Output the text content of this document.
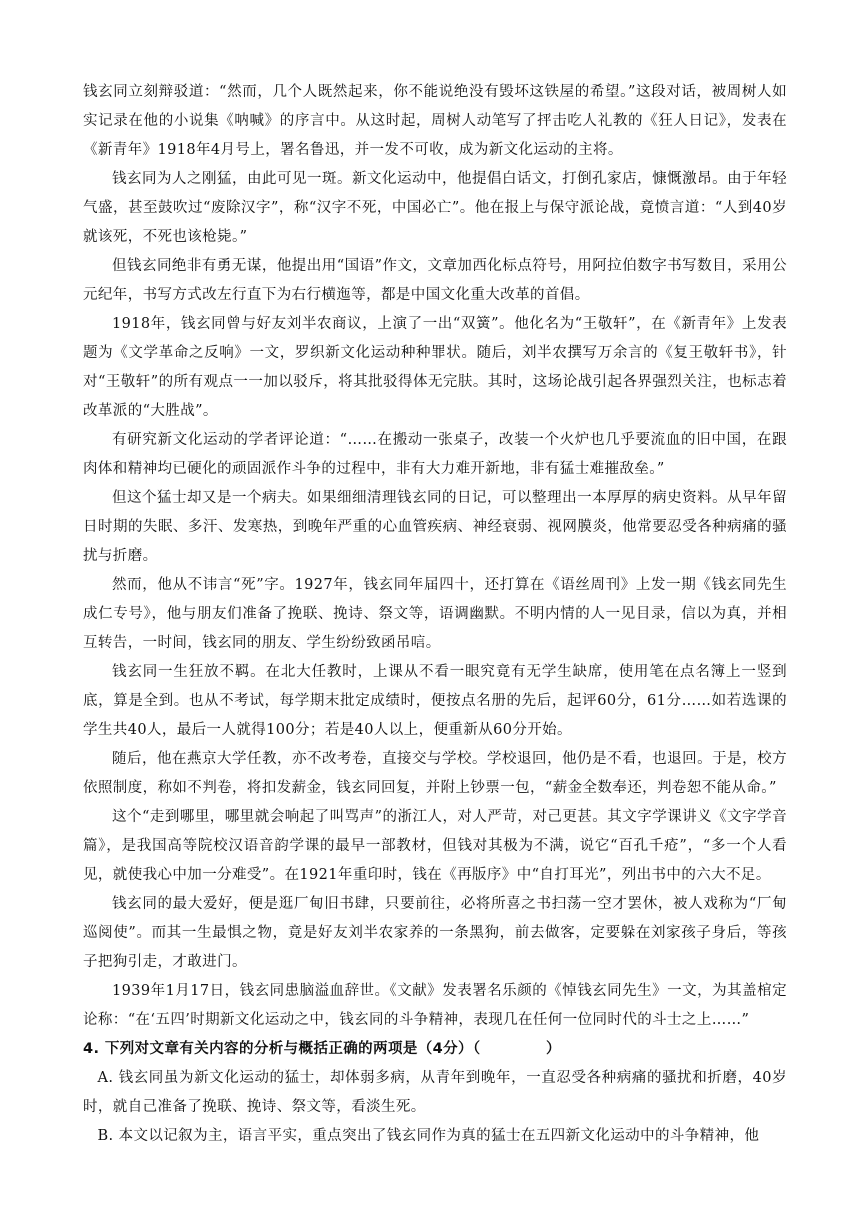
钱玄同立刻辩驳道：“然而，几个人既然起来，你不能说绝没有毁坏这铁屋的希望。”这段对话，被周树人如实记录在他的小说集《呐喊》的序言中。从这时起，周树人动笔写了抨击吃人礼教的《狂人日记》，发表在《新青年》1918年4月号上，署名鲁迅，并一发不可收，成为新文化运动的主将。

钱玄同为人之刚猛，由此可见一斑。新文化运动中，他提倡白话文，打倒孔家店，慷慨激昂。由于年轻气盛，甚至鼓吹过“废除汉字”，称“汉字不死，中国必亡”。他在报上与保守派论战，竟愤言道：“人到40岁就该死，不死也该枪毙。”

但钱玄同绝非有勇无谋，他提出用“国语”作文，文章加西化标点符号，用阿拉伯数字书写数目，采用公元纪年，书写方式改左行直下为右行横迤等，都是中国文化重大改革的首倡。

1918年，钱玄同曾与好友刘半农商议，上演了一出“双簧”。他化名为“王敬轩”，在《新青年》上发表题为《文学革命之反响》一文，罗织新文化运动种种罪状。随后，刘半农撰写万余言的《复王敬轩书》，针对“王敬轩”的所有观点一一加以驳斥，将其批驳得体无完肤。其时，这场论战引起各界强烈关注，也标志着改革派的“大胜战”。

有研究新文化运动的学者评论道：“……在搬动一张桌子，改装一个火炉也几乎要流血的旧中国，在跟肉体和精神均已硬化的顽固派作斗争的过程中，非有大力难开新地，非有猛士难摧敌垒。”

但这个猛士却又是一个病夫。如果细细清理钱玄同的日记，可以整理出一本厚厚的病史资料。从早年留日时期的失眠、多汗、发寒热，到晚年严重的心血管疾病、神经衰弱、视网膜炎，他常要忍受各种病痛的骚扰与折磨。

然而，他从不讳言“死”字。1927年，钱玄同年届四十，还打算在《语丝周刊》上发一期《钱玄同先生成仁专号》，他与朋友们准备了挽联、挽诗、祭文等，语调幽默。不明内情的人一见目录，信以为真，并相互转告，一时间，钱玄同的朋友、学生纷纷致函吊唁。

钱玄同一生狂放不羁。在北大任教时，上课从不看一眼究竟有无学生缺席，使用笔在点名簿上一竖到底，算是全到。也从不考试，每学期末批定成绩时，便按点名册的先后，起评60分，61分……如若选课的学生共40人，最后一人就得100分；若是40人以上，便重新从60分开始。

随后，他在燕京大学任教，亦不改考卷，直接交与学校。学校退回，他仍是不看，也退回。于是，校方依照制度，称如不判卷，将扣发薪金，钱玄同回复，并附上钞票一包，“薪金全数奉还，判卷恕不能从命。”

这个“走到哪里，哪里就会响起了叫骂声”的浙江人，对人严苛，对己更甚。其文字学课讲义《文字学音篇》，是我国高等院校汉语音韵学课的最早一部教材，但钱对其极为不满，说它“百孔千疮”，“多一个人看见，就使我心中加一分难受”。在1921年重印时，钱在《再版序》中“自打耳光”，列出书中的六大不足。

钱玄同的最大爱好，便是逛厂甸旧书肆，只要前往，必将所喜之书扫荡一空才罢休，被人戏称为“厂甸巡阅使”。而其一生最惧之物，竟是好友刘半农家养的一条黑狗，前去做客，定要躲在刘家孩子身后，等孩子把狗引走，才敢进门。

1939年1月17日，钱玄同患脑溢血辞世。《文献》发表署名乐颜的《悼钱玄同先生》一文，为其盖棺定论称：“在‘五四’时期新文化运动之中，钱玄同的斗争精神，表现几在任何一位同时代的斗士之上……”

4. 下列对文章有关内容的分析与概括正确的两项是（4分）（	）

A. 钱玄同虽为新文化运动的猛士，却体弱多病，从青年到晚年，一直忍受各种病痛的骚扰和折磨，40岁时，就自己准备了挽联、挽诗、祭文等，看淡生死。

B. 本文以记叙为主，语言平实，重点突出了钱玄同作为真的猛士在五四新文化运动中的斗争精神，他
